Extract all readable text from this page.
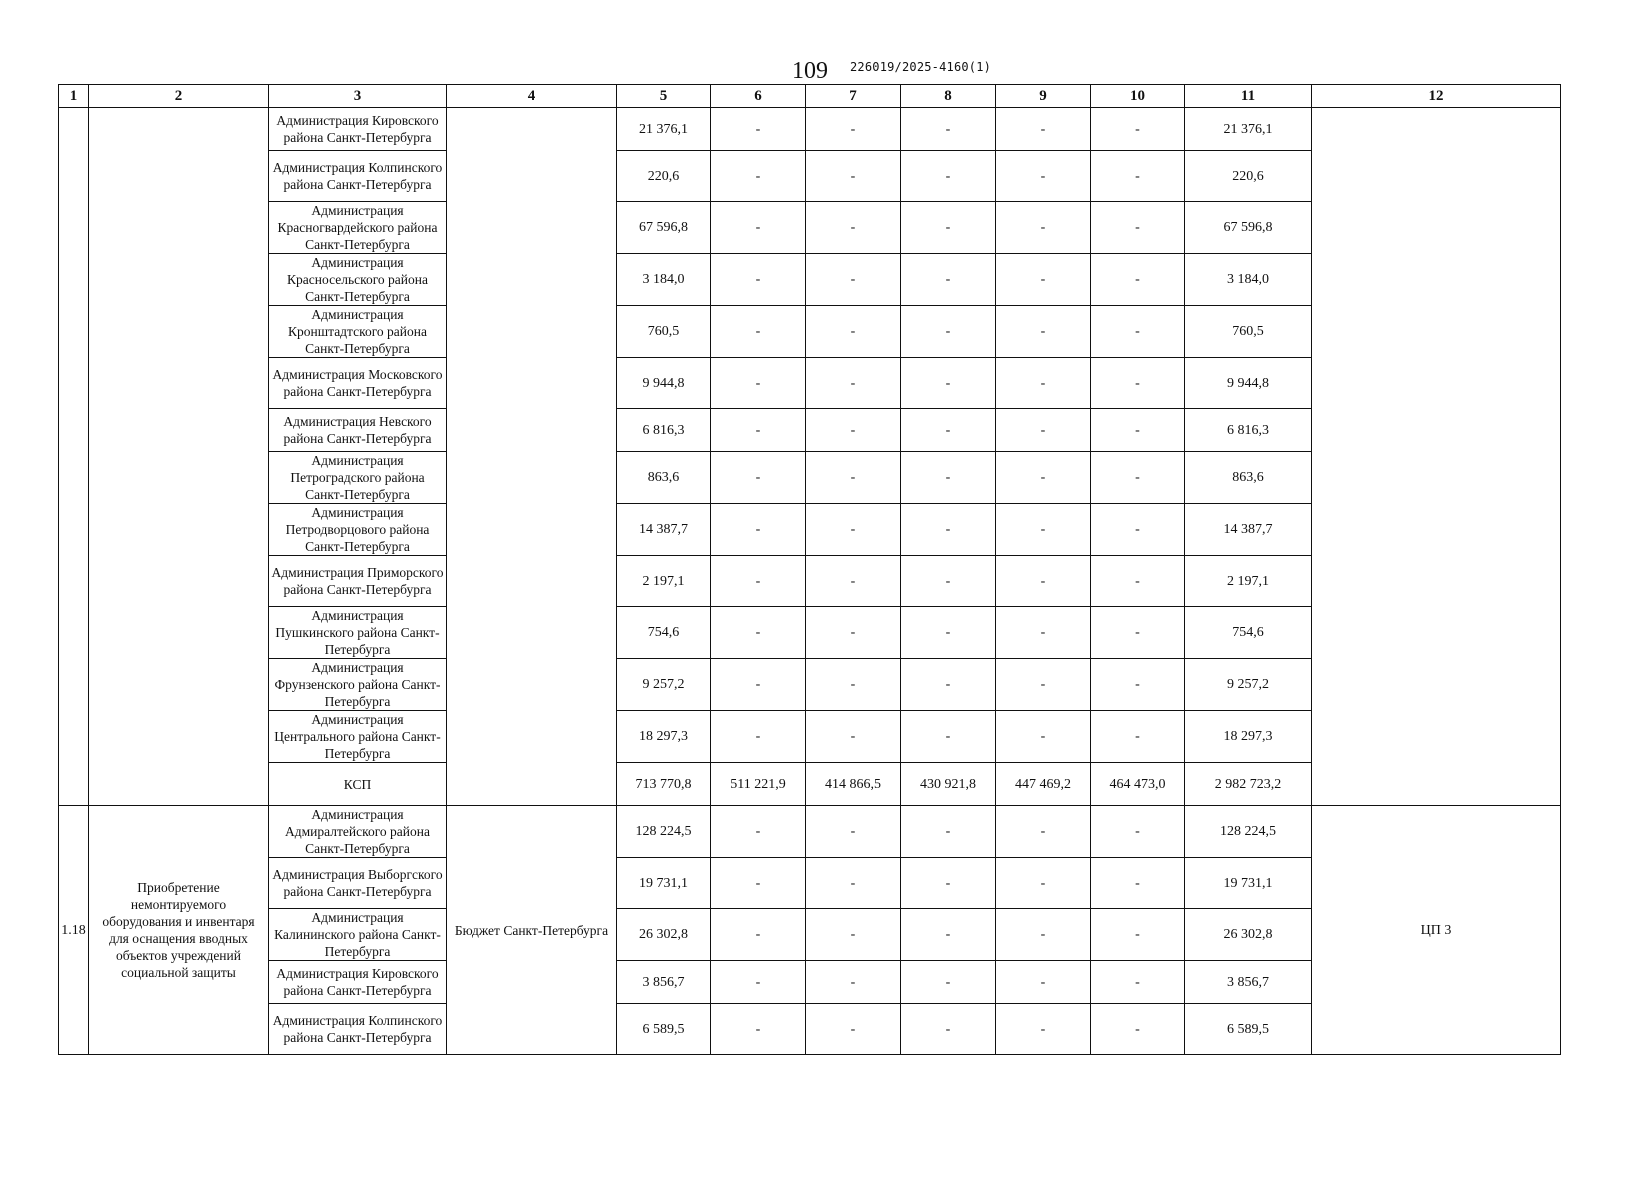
109 226019/2025-4160(1)
1	2	3	4	5	6	7	8	9	10	11	12
		Администрация Кировского района Санкт-Петербурга		21 376,1	-	-	-	-	-	21 376,1	
		Администрация Колпинского района Санкт-Петербурга		220,6	-	-	-	-	-	220,6	
		Администрация Красногвардейского района Санкт-Петербурга		67 596,8	-	-	-	-	-	67 596,8	
		Администрация Красносельского района Санкт-Петербурга		3 184,0	-	-	-	-	-	3 184,0	
		Администрация Кронштадтского района Санкт-Петербурга		760,5	-	-	-	-	-	760,5	
		Администрация Московского района Санкт-Петербурга		9 944,8	-	-	-	-	-	9 944,8	
		Администрация Невского района Санкт-Петербурга		6 816,3	-	-	-	-	-	6 816,3	
		Администрация Петроградского района Санкт-Петербурга		863,6	-	-	-	-	-	863,6	
		Администрация Петродворцового района Санкт-Петербурга		14 387,7	-	-	-	-	-	14 387,7	
		Администрация Приморского района Санкт-Петербурга		2 197,1	-	-	-	-	-	2 197,1	
		Администрация Пушкинского района Санкт-Петербурга		754,6	-	-	-	-	-	754,6	
		Администрация Фрунзенского района Санкт-Петербурга		9 257,2	-	-	-	-	-	9 257,2	
		Администрация Центрального района Санкт-Петербурга		18 297,3	-	-	-	-	-	18 297,3	
		КСП		713 770,8	511 221,9	414 866,5	430 921,8	447 469,2	464 473,0	2 982 723,2	
1.18	Приобретение немонтируемого оборудования и инвентаря для оснащения вводных объектов учреждений социальной защиты	Администрация Адмиралтейского района Санкт-Петербурга	Бюджет Санкт-Петербурга	128 224,5	-	-	-	-	-	128 224,5	ЦП 3
		Администрация Выборгского района Санкт-Петербурга		19 731,1	-	-	-	-	-	19 731,1	
		Администрация Калининского района Санкт-Петербурга		26 302,8	-	-	-	-	-	26 302,8	
		Администрация Кировского района Санкт-Петербурга		3 856,7	-	-	-	-	-	3 856,7	
		Администрация Колпинского района Санкт-Петербурга		6 589,5	-	-	-	-	-	6 589,5	
